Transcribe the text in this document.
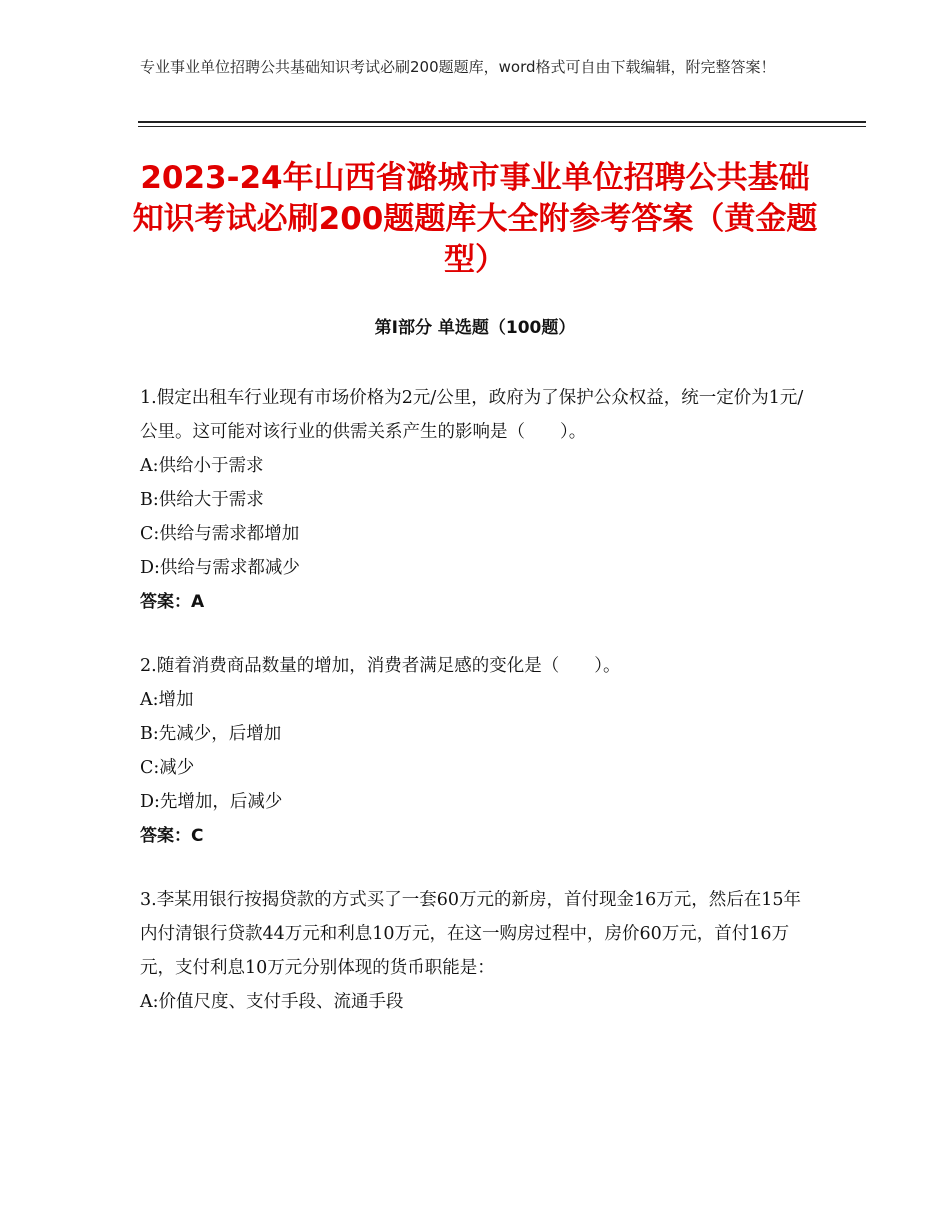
专业事业单位招聘公共基础知识考试必刷200题题库，word格式可自由下载编辑，附完整答案！
2023-24年山西省潞城市事业单位招聘公共基础知识考试必刷200题题库大全附参考答案（黄金题型）
第Ⅰ部分 单选题（100题）

1.假定出租车行业现有市场价格为2元/公里，政府为了保护公众权益，统一定价为1元/公里。这可能对该行业的供需关系产生的影响是（　　）。

A:供给小于需求

B:供给大于需求

C:供给与需求都增加

D:供给与需求都减少

答案：A

2.随着消费商品数量的增加，消费者满足感的变化是（　　）。

A:增加

B:先减少，后增加

C:减少

D:先增加，后减少

答案：C

3.李某用银行按揭贷款的方式买了一套60万元的新房，首付现金16万元，然后在15年内付清银行贷款44万元和利息10万元，在这一购房过程中，房价60万元，首付16万元，支付利息10万元分别体现的货币职能是：

A:价值尺度、支付手段、流通手段
